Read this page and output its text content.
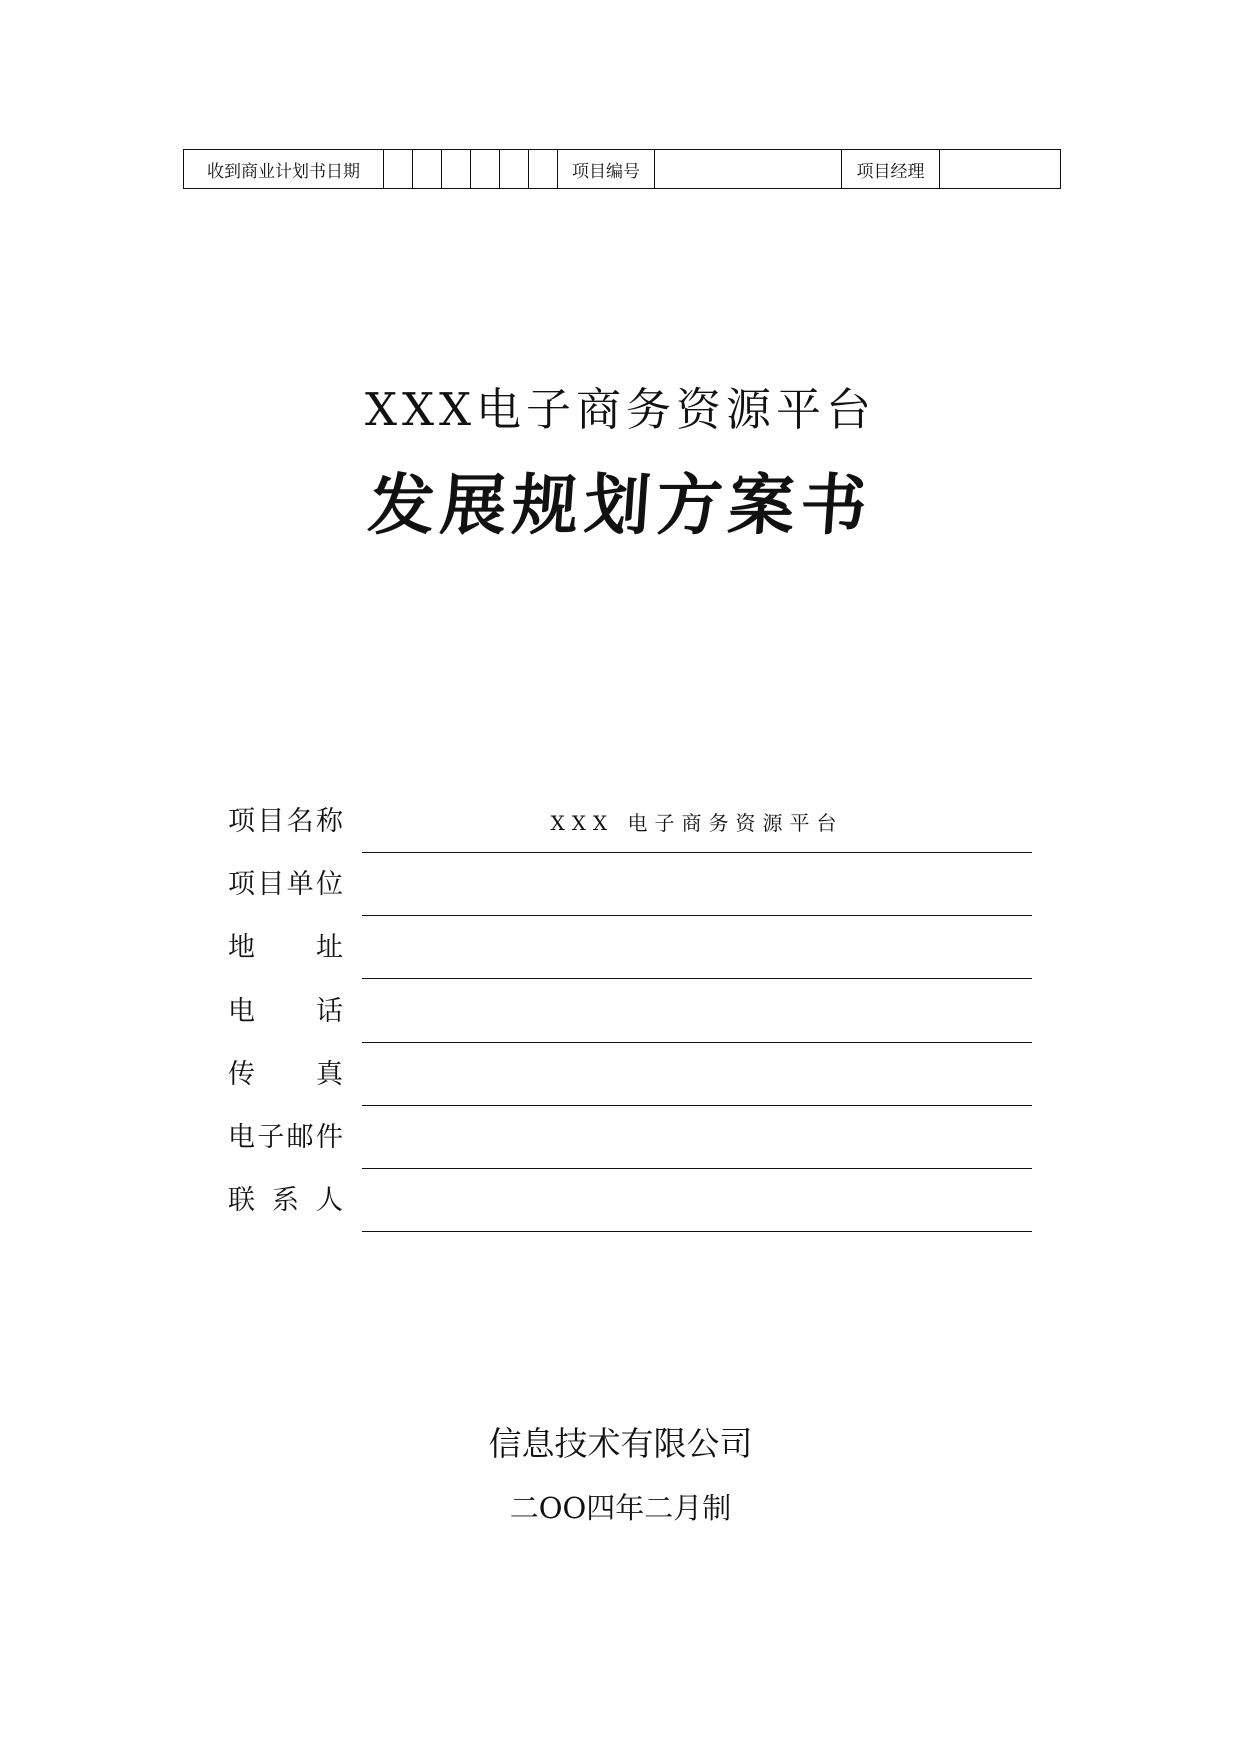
收到商业计划书日期							项目编号		项目经理	
XXX电子商务资源平台
发展规划方案书
项 目 名 称	XXX 电子商务资源平台
项 目 单 位
地 址
电 话
传 真
电 子 邮 件
联 系 人
信息技术有限公司
二OO四年二月制
